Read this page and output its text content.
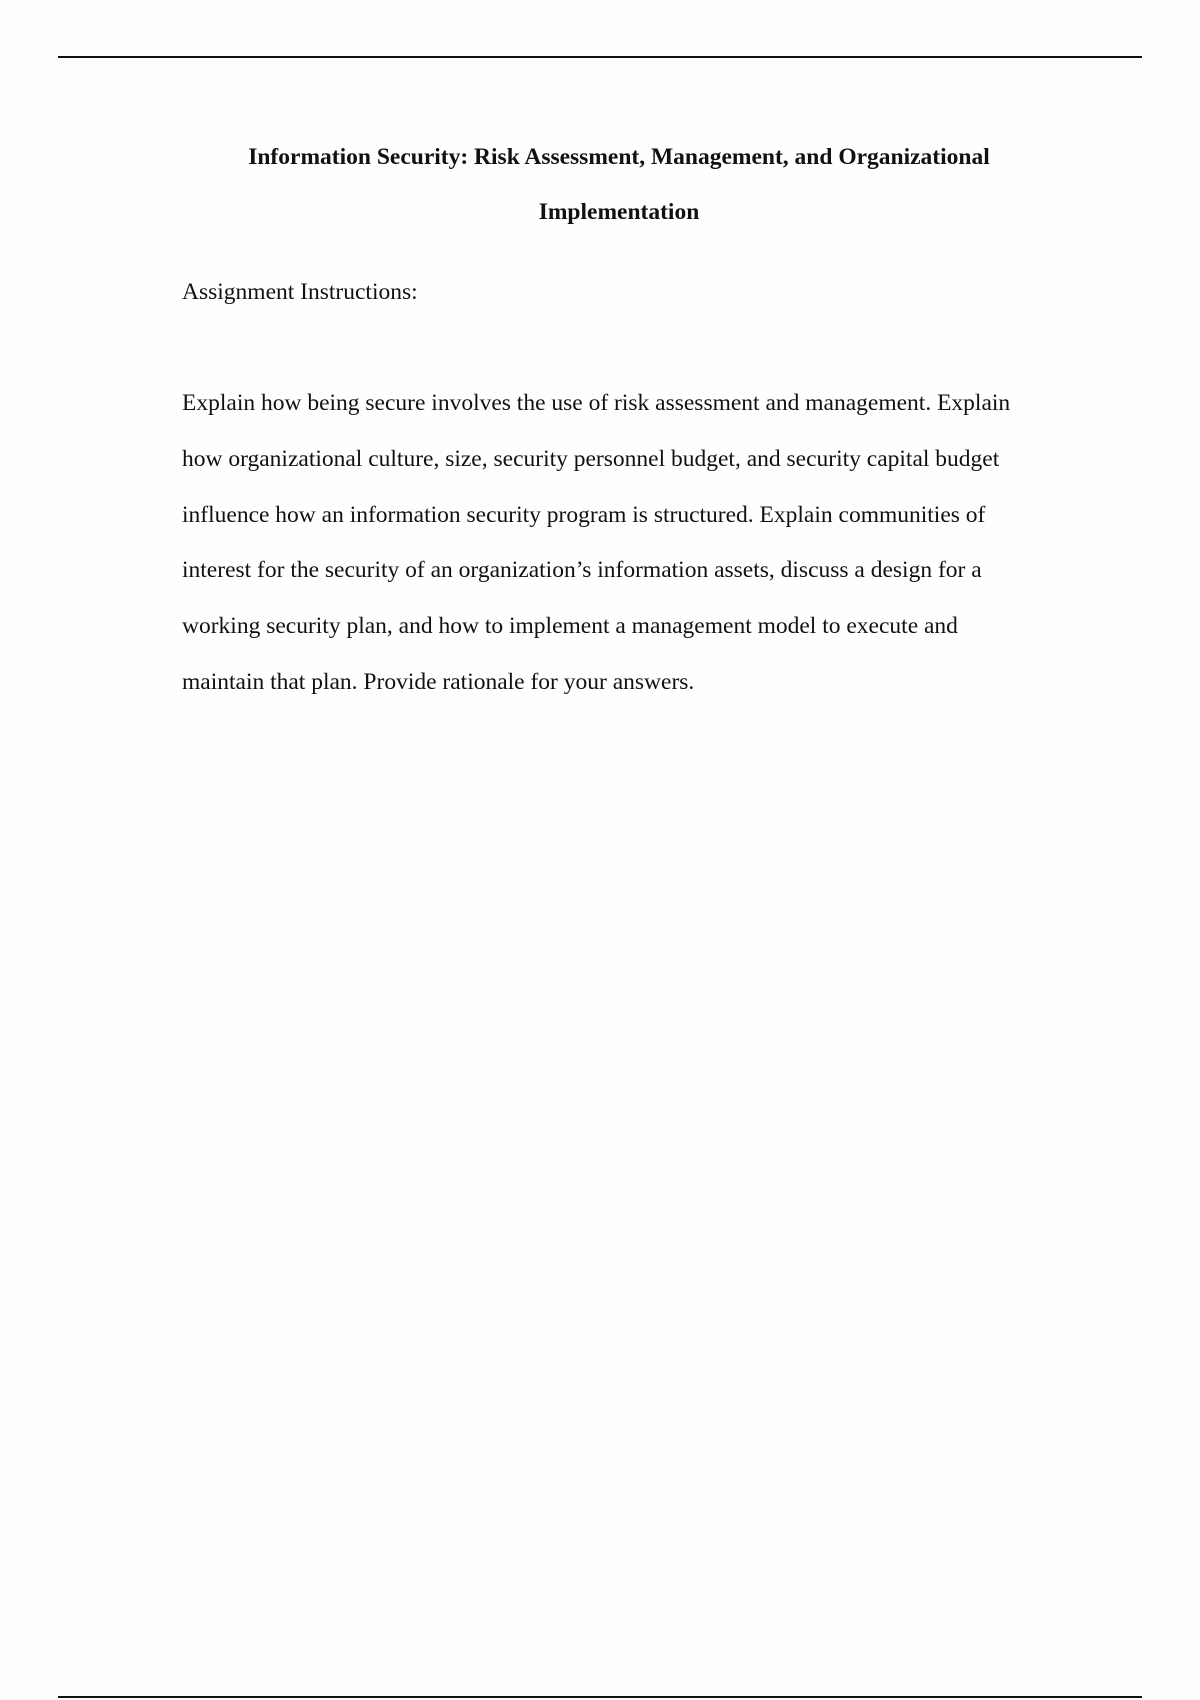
Information Security: Risk Assessment, Management, and Organizational
Implementation

Assignment Instructions:

Explain how being secure involves the use of risk assessment and management. Explain
how organizational culture, size, security personnel budget, and security capital budget
influence how an information security program is structured. Explain communities of
interest for the security of an organization’s information assets, discuss a design for a
working security plan, and how to implement a management model to execute and
maintain that plan. Provide rationale for your answers.
